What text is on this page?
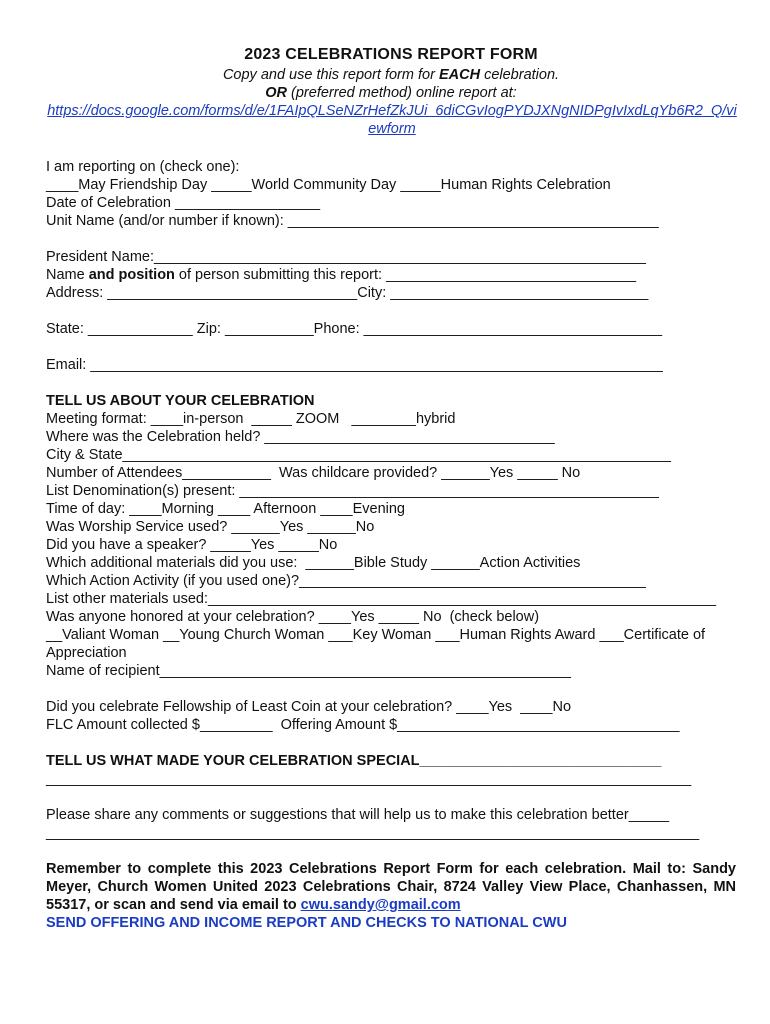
2023 CELEBRATIONS REPORT FORM
Copy and use this report form for EACH celebration.
OR (preferred method) online report at:
https://docs.google.com/forms/d/e/1FAIpQLSeNZrHefZkJUi_6diCGvIogPYDJXNgNIDPgIvIxdLqYb6R2_Q/viewform
I am reporting on (check one):
____May Friendship Day _____World Community Day _____Human Rights Celebration
Date of Celebration __________________
Unit Name (and/or number if known): ______________________________________________
President Name:_____________________________________________________________
Name and position of person submitting this report: _______________________________
Address: _______________________________City: ________________________________
State: _____________ Zip: ___________Phone: _____________________________________
Email: _______________________________________________________________________
TELL US ABOUT YOUR CELEBRATION
Meeting format: ____in-person  _____ ZOOM   ________hybrid
Where was the Celebration held? ____________________________________
City & State____________________________________________________________________
Number of Attendees___________  Was childcare provided? ______Yes _____ No
List Denomination(s) present: ____________________________________________________
Time of day: ____Morning ____ Afternoon ____Evening
Was Worship Service used? ______Yes ______No
Did you have a speaker? _____Yes _____No
Which additional materials did you use:  ______Bible Study ______Action Activities
Which Action Activity (if you used one)?___________________________________________
List other materials used:_______________________________________________________________
Was anyone honored at your celebration? ____Yes _____ No  (check below)
__Valiant Woman __Young Church Woman ___Key Woman ___Human Rights Award ___Certificate of Appreciation
Name of recipient___________________________________________________
Did you celebrate Fellowship of Least Coin at your celebration? ____Yes  ____No
FLC Amount collected $_________  Offering Amount $___________________________________
TELL US WHAT MADE YOUR CELEBRATION SPECIAL______________________________
________________________________________________________________________________
Please share any comments or suggestions that will help us to make this celebration better_____
_________________________________________________________________________________
Remember to complete this 2023 Celebrations Report Form for each celebration. Mail to: Sandy Meyer, Church Women United 2023 Celebrations Chair, 8724 Valley View Place, Chanhassen, MN 55317, or scan and send via email to cwu.sandy@gmail.com
SEND OFFERING AND INCOME REPORT AND CHECKS TO NATIONAL CWU
